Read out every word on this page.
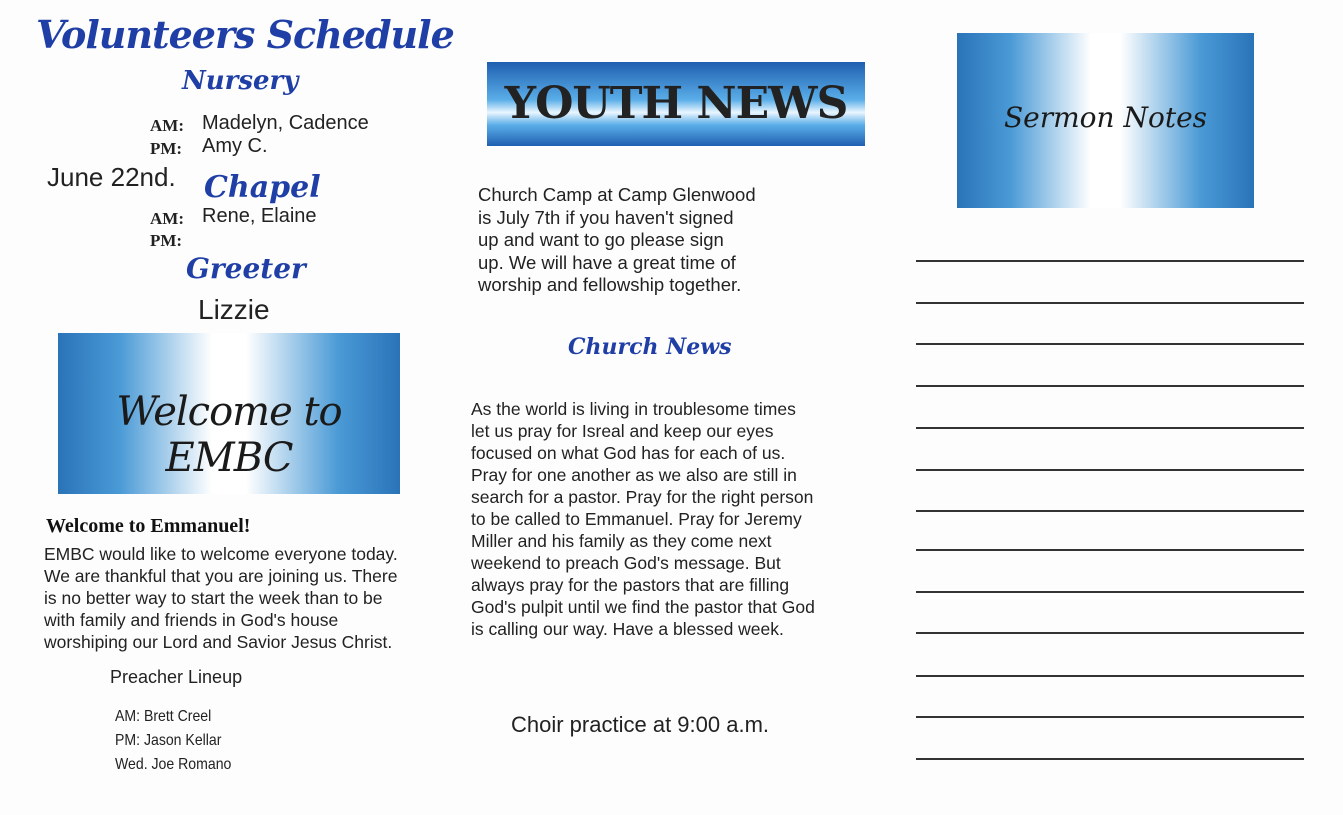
Volunteers Schedule
Nursery
AM: Madelyn, Cadence
PM: Amy C.
June 22nd. Chapel
AM: Rene, Elaine
PM:
Greeter
Lizzie
Welcome to EMBC
Welcome to Emmanuel!
EMBC would like to welcome everyone today.
We are thankful that you are joining us. There
is no better way to start the week than to be
with family and friends in God's house
worshiping our Lord and Savior Jesus Christ.
Preacher Lineup
AM: Brett Creel
PM: Jason Kellar
Wed. Joe Romano
YOUTH NEWS
Church Camp at Camp Glenwood
is July 7th if you haven't signed
up and want to go please sign
up. We will have a great time of
worship and fellowship together.
Church News
As the world is living in troublesome times
let us pray for Isreal and keep our eyes
focused on what God has for each of us.
Pray for one another as we also are still in
search for a pastor. Pray for the right person
to be called to Emmanuel. Pray for Jeremy
Miller and his family as they come next
weekend to preach God's message. But
always pray for the pastors that are filling
God's pulpit until we find the pastor that God
is calling our way. Have a blessed week.
Choir practice at 9:00 a.m.
Sermon Notes
